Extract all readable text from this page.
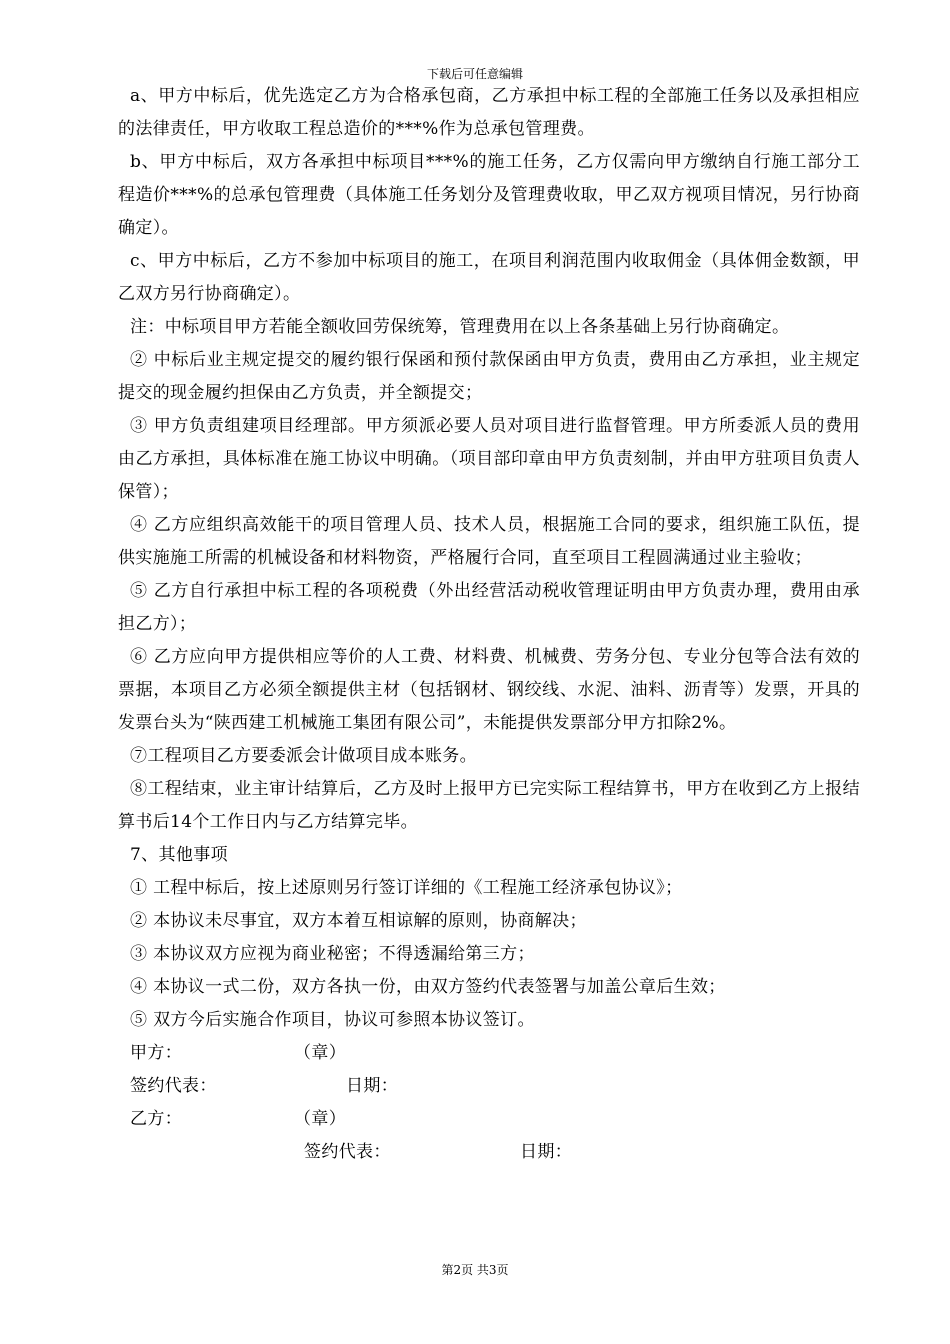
下载后可任意编辑

a、甲方中标后，优先选定乙方为合格承包商，乙方承担中标工程的全部施工任务以及承担相应的法律责任，甲方收取工程总造价的***%作为总承包管理费。

b、甲方中标后，双方各承担中标项目***%的施工任务，乙方仅需向甲方缴纳自行施工部分工程造价***%的总承包管理费（具体施工任务划分及管理费收取，甲乙双方视项目情况，另行协商确定）。

c、甲方中标后，乙方不参加中标项目的施工，在项目利润范围内收取佣金（具体佣金数额，甲乙双方另行协商确定）。

注：中标项目甲方若能全额收回劳保统筹，管理费用在以上各条基础上另行协商确定。

② 中标后业主规定提交的履约银行保函和预付款保函由甲方负责，费用由乙方承担，业主规定提交的现金履约担保由乙方负责，并全额提交；

③ 甲方负责组建项目经理部。甲方须派必要人员对项目进行监督管理。甲方所委派人员的费用由乙方承担，具体标准在施工协议中明确。（项目部印章由甲方负责刻制，并由甲方驻项目负责人保管）；

④ 乙方应组织高效能干的项目管理人员、技术人员，根据施工合同的要求，组织施工队伍，提供实施施工所需的机械设备和材料物资，严格履行合同，直至项目工程圆满通过业主验收；

⑤ 乙方自行承担中标工程的各项税费（外出经营活动税收管理证明由甲方负责办理，费用由承担乙方）；

⑥ 乙方应向甲方提供相应等价的人工费、材料费、机械费、劳务分包、专业分包等合法有效的票据，本项目乙方必须全额提供主材（包括钢材、钢绞线、水泥、油料、沥青等）发票，开具的发票台头为“陕西建工机械施工集团有限公司”，未能提供发票部分甲方扣除2%。

⑦工程项目乙方要委派会计做项目成本账务。

⑧工程结束，业主审计结算后，乙方及时上报甲方已完实际工程结算书，甲方在收到乙方上报结算书后14个工作日内与乙方结算完毕。

7、其他事项

① 工程中标后，按上述原则另行签订详细的《工程施工经济承包协议》；

② 本协议未尽事宜，双方本着互相谅解的原则，协商解决；

③ 本协议双方应视为商业秘密；不得透漏给第三方；

④ 本协议一式二份，双方各执一份，由双方签约代表签署与加盖公章后生效；

⑤ 双方今后实施合作项目，协议可参照本协议签订。

甲方：	（章）
签约代表：	日期：
乙方：	（章）
签约代表：	日期：
第2页 共3页
